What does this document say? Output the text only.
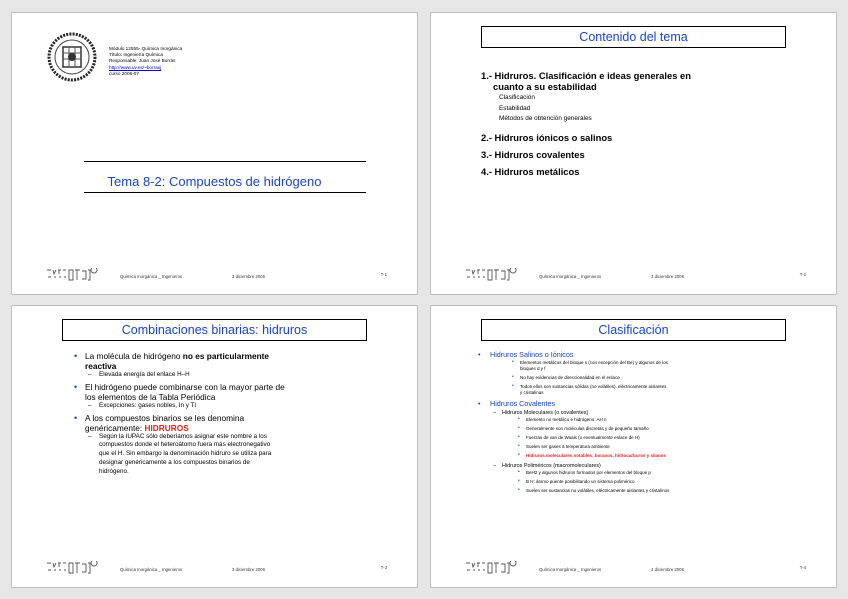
Módulo 12555- Química Inorgánica
Título: Ingeniería Química
Responsable: Juan José Borrás
http://www.uv.es/~borrasj
curso 2006-07
Tema 8-2: Compuestos de hidrógeno
Química Inorgánica _ Ingenieros	3 diciembre 2006	T-1
Contenido del tema
1.- Hidruros. Clasificación e ideas generales en
cuanto a su estabilidad
Clasificación
Estabilidad
Métodos de obtención generales
2.- Hidruros iónicos o salinos
3.- Hidruros covalentes
4.- Hidruros metálicos
Química Inorgánica _ Ingenieros	3 diciembre 2006	T-2
Combinaciones binarias: hidruros
• La molécula de hidrógeno no es particularmente
reactiva
– Elevada energía del enlace H–H
• El hidrógeno puede combinarse con la mayor parte de
los elementos de la Tabla Periódica
– Excepciones: gases nobles, In y Tl
• A los compuestos binarios se les denomina
genéricamente: HIDRUROS
– Según la IUPAC sólo deberíamos asignar este nombre a los
compuestos donde el heteroátomo fuera más electronegativo
que el H. Sin embargo la denominación hidruro se utiliza para
designar genéricamente a los compuestos binarios de
hidrógeno.
Química Inorgánica _ Ingenieros	3 diciembre 2006	T-3
Clasificación
• Hidruros Salinos o Iónicos
• Elementos metálicos del bloque s (con excepción del Be) y algunos de los
bloques d y f
• No hay evidencias de direccionalidad en el enlace
• Todos ellos son sustancias sólidas (no volátiles), eléctricamente aislantes
y cristalinas
• Hidruros Covalentes
– Hidruros Moleculares (o covalentes)
• Elemento no metálico e hidrógeno: AH n
• Generalmente son moléculas discretas y de pequeño tamaño
• Fuerzas de van de Waals (o eventualmente enlace de H)
• Suelen ser gases a temperatura ambiente
• Hidruros moleculares notables: boranos, hidrocarburos y silanos
– Hidruros Poliméricos (macromoleculares)
• BeH2 y algunos hidruros formados por elementos del bloque p
• B H: átomo puente posibilitando un sistema polimérico
• Suelen ser sustancias no volátiles, eléctricamente aislantes y cristalinos
Química Inorgánica _ Ingenieros	3 diciembre 2006	T-4
